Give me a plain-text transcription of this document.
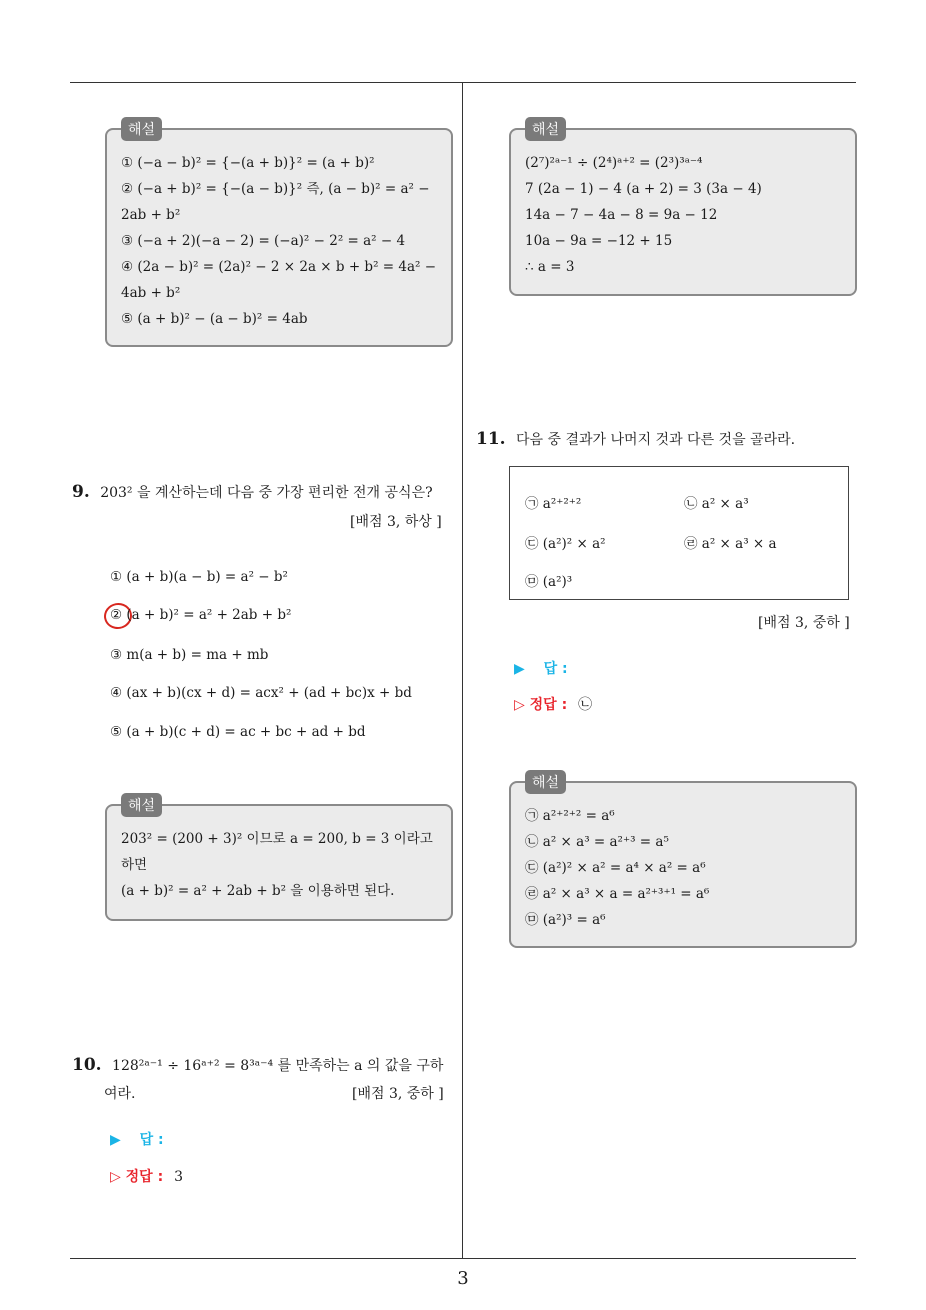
3
해설
① (−a − b)² = {−(a + b)}² = (a + b)²
② (−a + b)² = {−(a − b)}² 즉, (a − b)² = a² −
2ab + b²
③ (−a + 2)(−a − 2) = (−a)² − 2² = a² − 4
④ (2a − b)² = (2a)² − 2 × 2a × b + b² = 4a² −
4ab + b²
⑤ (a + b)² − (a − b)² = 4ab
9. 203² 을 계산하는데 다음 중 가장 편리한 전개 공식은?
[배점 3, 하상 ]
① (a + b)(a − b) = a² − b²
② (a + b)² = a² + 2ab + b²
③ m(a + b) = ma + mb
④ (ax + b)(cx + d) = acx² + (ad + bc)x + bd
⑤ (a + b)(c + d) = ac + bc + ad + bd
해설
203² = (200 + 3)² 이므로 a = 200, b = 3 이라고
하면
(a + b)² = a² + 2ab + b² 을 이용하면 된다.
10. 128²ᵃ⁻¹ ÷ 16ᵃ⁺² = 8³ᵃ⁻⁴ 를 만족하는 a 의 값을 구하
여라.	[배점 3, 중하 ]
▶ 답 :
▷ 정답 : 3
해설
(2⁷)²ᵃ⁻¹ ÷ (2⁴)ᵃ⁺² = (2³)³ᵃ⁻⁴
7 (2a − 1) − 4 (a + 2) = 3 (3a − 4)
14a − 7 − 4a − 8 = 9a − 12
10a − 9a = −12 + 15
∴ a = 3
11. 다음 중 결과가 나머지 것과 다른 것을 골라라.
㉠ a²⁺²⁺²	㉡ a² × a³
㉢ (a²)² × a²	㉣ a² × a³ × a
㉤ (a²)³
[배점 3, 중하 ]
▶ 답 :
▷ 정답 : ㉡
해설
㉠ a²⁺²⁺² = a⁶
㉡ a² × a³ = a²⁺³ = a⁵
㉢ (a²)² × a² = a⁴ × a² = a⁶
㉣ a² × a³ × a = a²⁺³⁺¹ = a⁶
㉤ (a²)³ = a⁶
